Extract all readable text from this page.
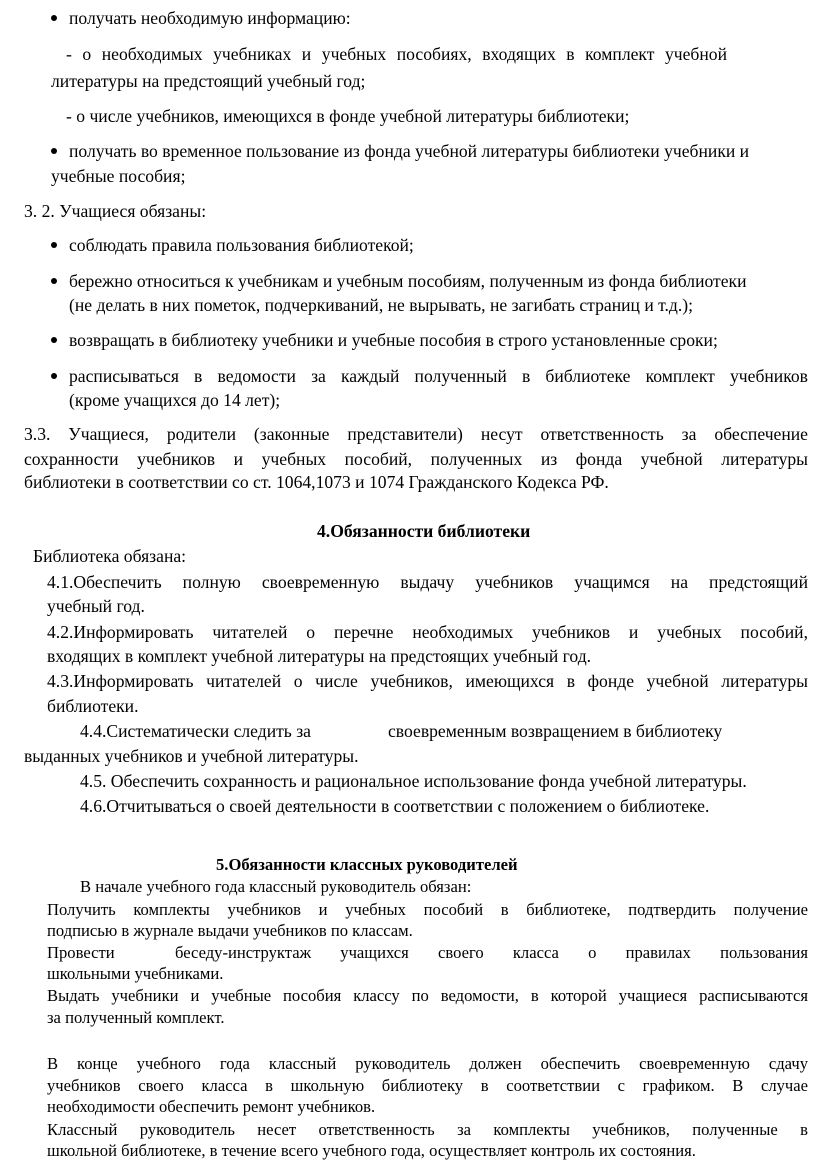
получать необходимую информацию:
- о необходимых учебниках и учебных пособиях, входящих в комплект учебной
литературы на предстоящий учебный год;
- о числе учебников, имеющихся в фонде учебной литературы библиотеки;
получать во временное пользование из фонда учебной литературы библиотеки учебники и
учебные пособия;
3. 2. Учащиеся обязаны:
соблюдать правила пользования библиотекой;
бережно относиться к учебникам и учебным пособиям, полученным из фонда библиотеки
(не делать в них пометок, подчеркиваний, не вырывать, не загибать страниц и т.д.);
возвращать в библиотеку учебники и учебные пособия в строго установленные сроки;
расписываться в ведомости за каждый полученный в библиотеке комплект учебников
(кроме учащихся до 14 лет);
3.3. Учащиеся, родители (законные представители) несут ответственность за обеспечение
сохранности учебников и учебных пособий, полученных из фонда учебной литературы
библиотеки в соответствии со ст. 1064,1073 и 1074 Гражданского Кодекса РФ.
4.Обязанности библиотеки
Библиотека обязана:
4.1.Обеспечить полную своевременную выдачу учебников учащимся на предстоящий
учебный год.
4.2.Информировать читателей о перечне необходимых учебников и учебных пособий,
входящих в комплект учебной литературы на предстоящих учебный год.
4.3.Информировать читателей о числе учебников, имеющихся в фонде учебной литературы
библиотеки.
4.4.Систематически следить за	своевременным возвращением в библиотеку
выданных учебников и учебной литературы.
4.5. Обеспечить сохранность и рациональное использование фонда учебной литературы.
4.6.Отчитываться о своей деятельности в соответствии с положением о библиотеке.
5.Обязанности классных руководителей
В начале учебного года классный руководитель обязан:
Получить комплекты учебников и учебных пособий в библиотеке, подтвердить получение
подписью в журнале выдачи учебников по классам.
Провести	беседу-инструктаж учащихся своего класса о правилах пользования
школьными учебниками.
Выдать учебники и учебные пособия классу по ведомости, в которой учащиеся расписываются
за полученный комплект.
В конце учебного года классный руководитель должен обеспечить своевременную сдачу
учебников своего класса в школьную библиотеку в соответствии с графиком. В случае
необходимости обеспечить ремонт учебников.
Классный руководитель несет ответственность за комплекты учебников, полученные в
школьной библиотеке, в течение всего учебного года, осуществляет контроль их состояния.
